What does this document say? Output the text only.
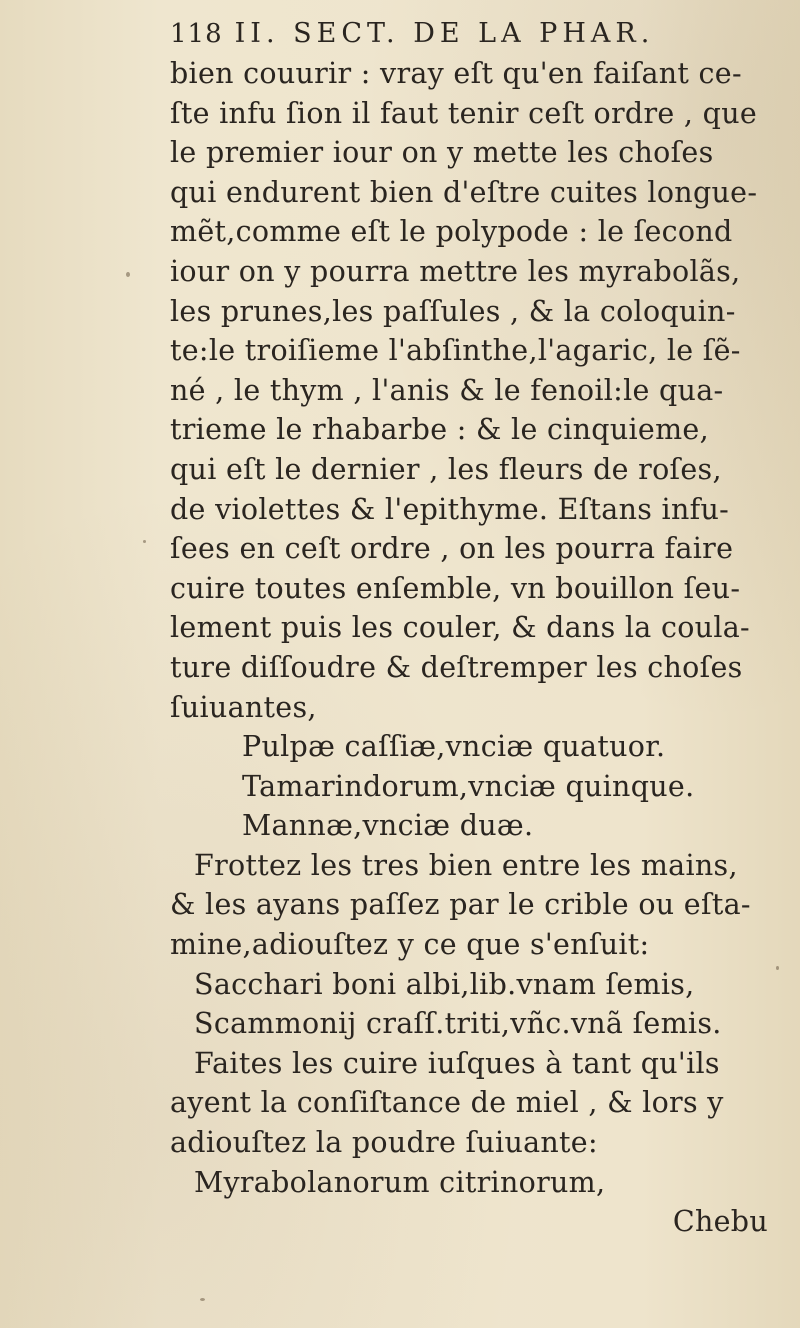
118 II. SECT. DE LA PHAR.
bien couurir : vray eſt qu'en faiſant ce-
ſte infu ſion il faut tenir ceſt ordre , que
le premier iour on y mette les choſes
qui endurent bien d'eſtre cuites longue-
mẽt,comme eſt le polypode : le ſecond
iour on y pourra mettre les myrabolãs,
les prunes,les paſſules , & la coloquin-
te:le troiſieme l'abſinthe,l'agaric, le ſẽ-
né , le thym , l'anis & le fenoil:le qua-
trieme le rhabarbe : & le cinquieme,
qui eſt le dernier , les fleurs de roſes,
de violettes & l'epithyme. Eſtans infu-
ſees en ceſt ordre , on les pourra faire
cuire toutes enſemble, vn bouillon ſeu-
lement puis les couler, & dans la coula-
ture diſſoudre & deſtremper les choſes
ſuiuantes,
Pulpæ caſſiæ,vnciæ quatuor.
Tamarindorum,vnciæ quinque.
Mannæ,vnciæ duæ.
Frottez les tres bien entre les mains,
& les ayans paſſez par le crible ou eſta-
mine,adiouſtez y ce que s'enſuit:
Sacchari boni albi,lib.vnam ſemis,
Scammonij craſſ.triti,vñc.vnã ſemis.
Faites les cuire iuſques à tant qu'ils
ayent la conſiſtance de miel , & lors y
adiouſtez la poudre ſuiuante:
Myrabolanorum citrinorum,
Chebu
